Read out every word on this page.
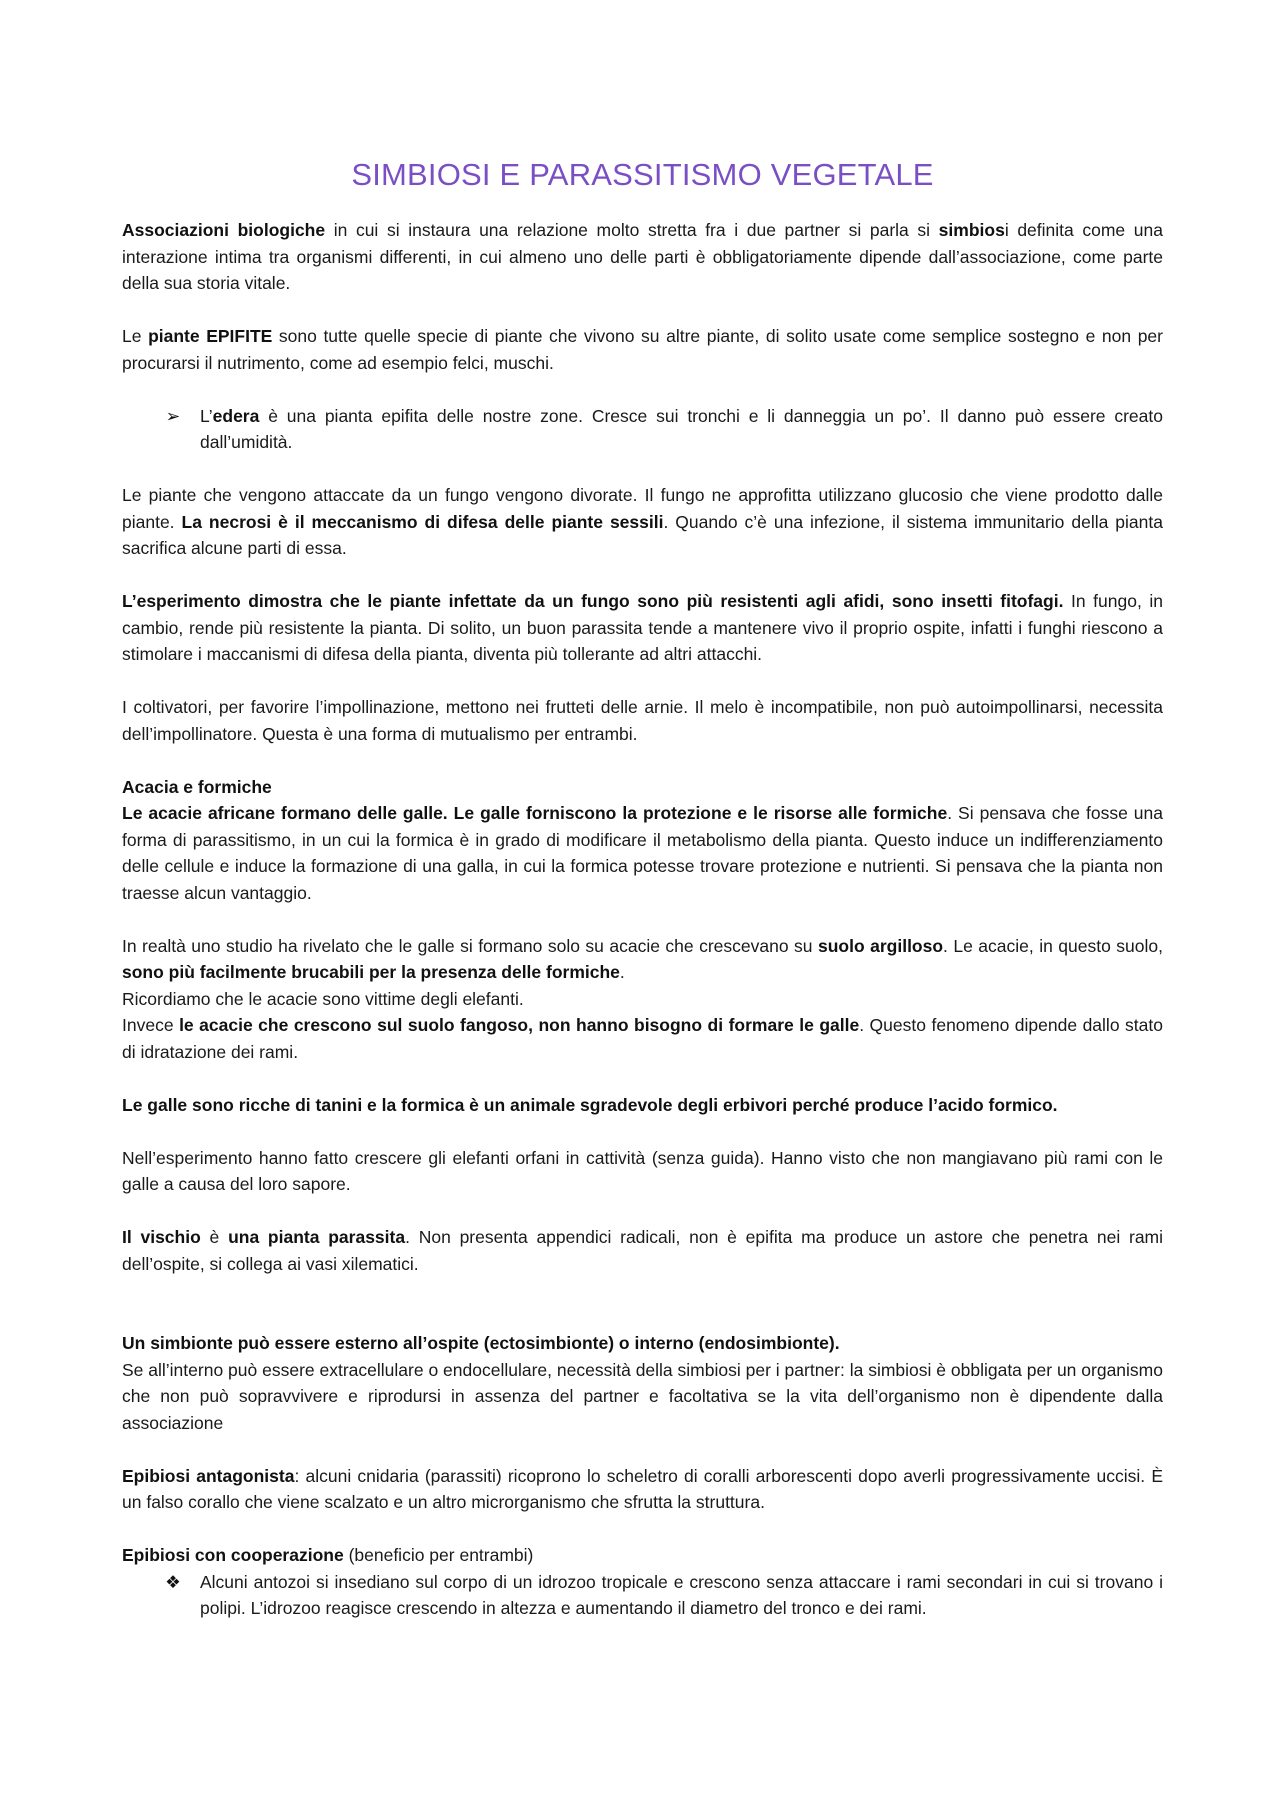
SIMBIOSI E PARASSITISMO VEGETALE

Associazioni biologiche in cui si instaura una relazione molto stretta fra i due partner si parla si simbiosi definita come una interazione intima tra organismi differenti, in cui almeno uno delle parti è obbligatoriamente dipende dall’associazione, come parte della sua storia vitale.

Le piante EPIFITE sono tutte quelle specie di piante che vivono su altre piante, di solito usate come semplice sostegno e non per procurarsi il nutrimento, come ad esempio felci, muschi.

➢ L’edera è una pianta epifita delle nostre zone. Cresce sui tronchi e li danneggia un po’. Il danno può essere creato dall’umidità.

Le piante che vengono attaccate da un fungo vengono divorate. Il fungo ne approfitta utilizzano glucosio che viene prodotto dalle piante. La necrosi è il meccanismo di difesa delle piante sessili. Quando c’è una infezione, il sistema immunitario della pianta sacrifica alcune parti di essa.

L’esperimento dimostra che le piante infettate da un fungo sono più resistenti agli afidi, sono insetti fitofagi. In fungo, in cambio, rende più resistente la pianta. Di solito, un buon parassita tende a mantenere vivo il proprio ospite, infatti i funghi riescono a stimolare i maccanismi di difesa della pianta, diventa più tollerante ad altri attacchi.

I coltivatori, per favorire l’impollinazione, mettono nei frutteti delle arnie. Il melo è incompatibile, non può autoimpollinarsi, necessita dell’impollinatore. Questa è una forma di mutualismo per entrambi.

Acacia e formiche

Le acacie africane formano delle galle. Le galle forniscono la protezione e le risorse alle formiche. Si pensava che fosse una forma di parassitismo, in un cui la formica è in grado di modificare il metabolismo della pianta. Questo induce un indifferenziamento delle cellule e induce la formazione di una galla, in cui la formica potesse trovare protezione e nutrienti. Si pensava che la pianta non traesse alcun vantaggio.

In realtà uno studio ha rivelato che le galle si formano solo su acacie che crescevano su suolo argilloso. Le acacie, in questo suolo, sono più facilmente brucabili per la presenza delle formiche.

Ricordiamo che le acacie sono vittime degli elefanti.

Invece le acacie che crescono sul suolo fangoso, non hanno bisogno di formare le galle. Questo fenomeno dipende dallo stato di idratazione dei rami.

Le galle sono ricche di tanini e la formica è un animale sgradevole degli erbivori perché produce l’acido formico.

Nell’esperimento hanno fatto crescere gli elefanti orfani in cattività (senza guida). Hanno visto che non mangiavano più rami con le galle a causa del loro sapore.

Il vischio è una pianta parassita. Non presenta appendici radicali, non è epifita ma produce un astore che penetra nei rami dell’ospite, si collega ai vasi xilematici.

Un simbionte può essere esterno all’ospite (ectosimbionte) o interno (endosimbionte).

Se all’interno può essere extracellulare o endocellulare, necessità della simbiosi per i partner: la simbiosi è obbligata per un organismo che non può sopravvivere e riprodursi in assenza del partner e facoltativa se la vita dell’organismo non è dipendente dalla associazione

Epibiosi antagonista: alcuni cnidaria (parassiti) ricoprono lo scheletro di coralli arborescenti dopo averli progressivamente uccisi. È un falso corallo che viene scalzato e un altro microrganismo che sfrutta la struttura.

Epibiosi con cooperazione (beneficio per entrambi)

❖ Alcuni antozoi si insediano sul corpo di un idrozoo tropicale e crescono senza attaccare i rami secondari in cui si trovano i polipi. L’idrozoo reagisce crescendo in altezza e aumentando il diametro del tronco e dei rami.
